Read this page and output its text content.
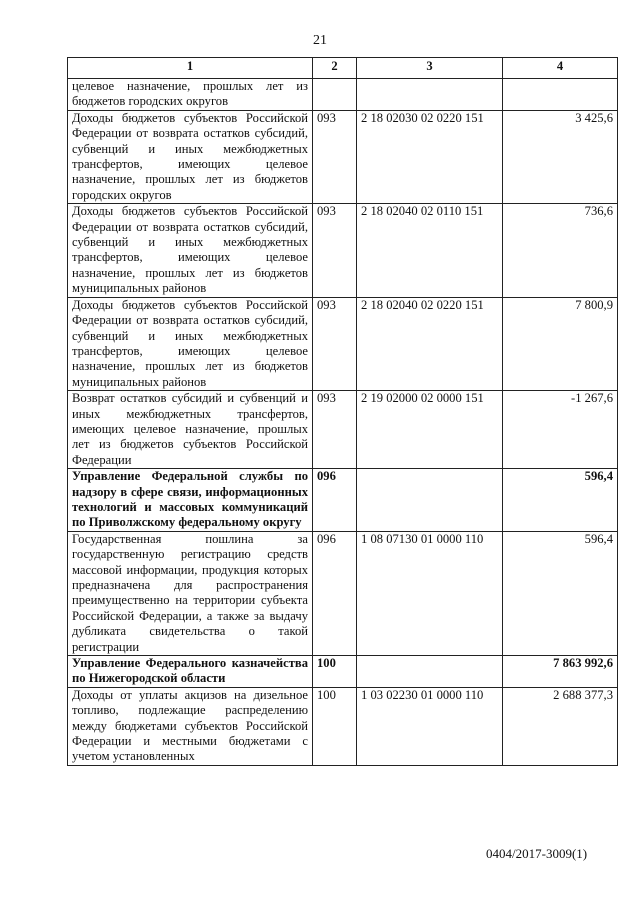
21
1	2	3	4
целевое назначение, прошлых лет из бюджетов городских округов			
Доходы бюджетов субъектов Российской Федерации от возврата остатков субсидий, субвенций и иных межбюджетных трансфертов, имеющих целевое назначение, прошлых лет из бюджетов городских округов	093	2 18 02030 02 0220 151	3 425,6
Доходы бюджетов субъектов Российской Федерации от возврата остатков субсидий, субвенций и иных межбюджетных трансфертов, имеющих целевое назначение, прошлых лет из бюджетов муниципальных районов	093	2 18 02040 02 0110 151	736,6
Доходы бюджетов субъектов Российской Федерации от возврата остатков субсидий, субвенций и иных межбюджетных трансфертов, имеющих целевое назначение, прошлых лет из бюджетов муниципальных районов	093	2 18 02040 02 0220 151	7 800,9
Возврат остатков субсидий и субвенций и иных межбюджетных трансфертов, имеющих целевое назначение, прошлых лет из бюджетов субъектов Российской Федерации	093	2 19 02000 02 0000 151	-1 267,6
Управление Федеральной службы по надзору в сфере связи, информационных технологий и массовых коммуникаций по Приволжскому федеральному округу	096		596,4
Государственная пошлина за государственную регистрацию средств массовой информации, продукция которых предназначена для распространения преимущественно на территории субъекта Российской Федерации, а также за выдачу дубликата свидетельства о такой регистрации	096	1 08 07130 01 0000 110	596,4
Управление Федерального казначейства по Нижегородской области	100		7 863 992,6
Доходы от уплаты акцизов на дизельное топливо, подлежащие распределению между бюджетами субъектов Российской Федерации и местными бюджетами с учетом установленных	100	1 03 02230 01 0000 110	2 688 377,3
0404/2017-3009(1)
